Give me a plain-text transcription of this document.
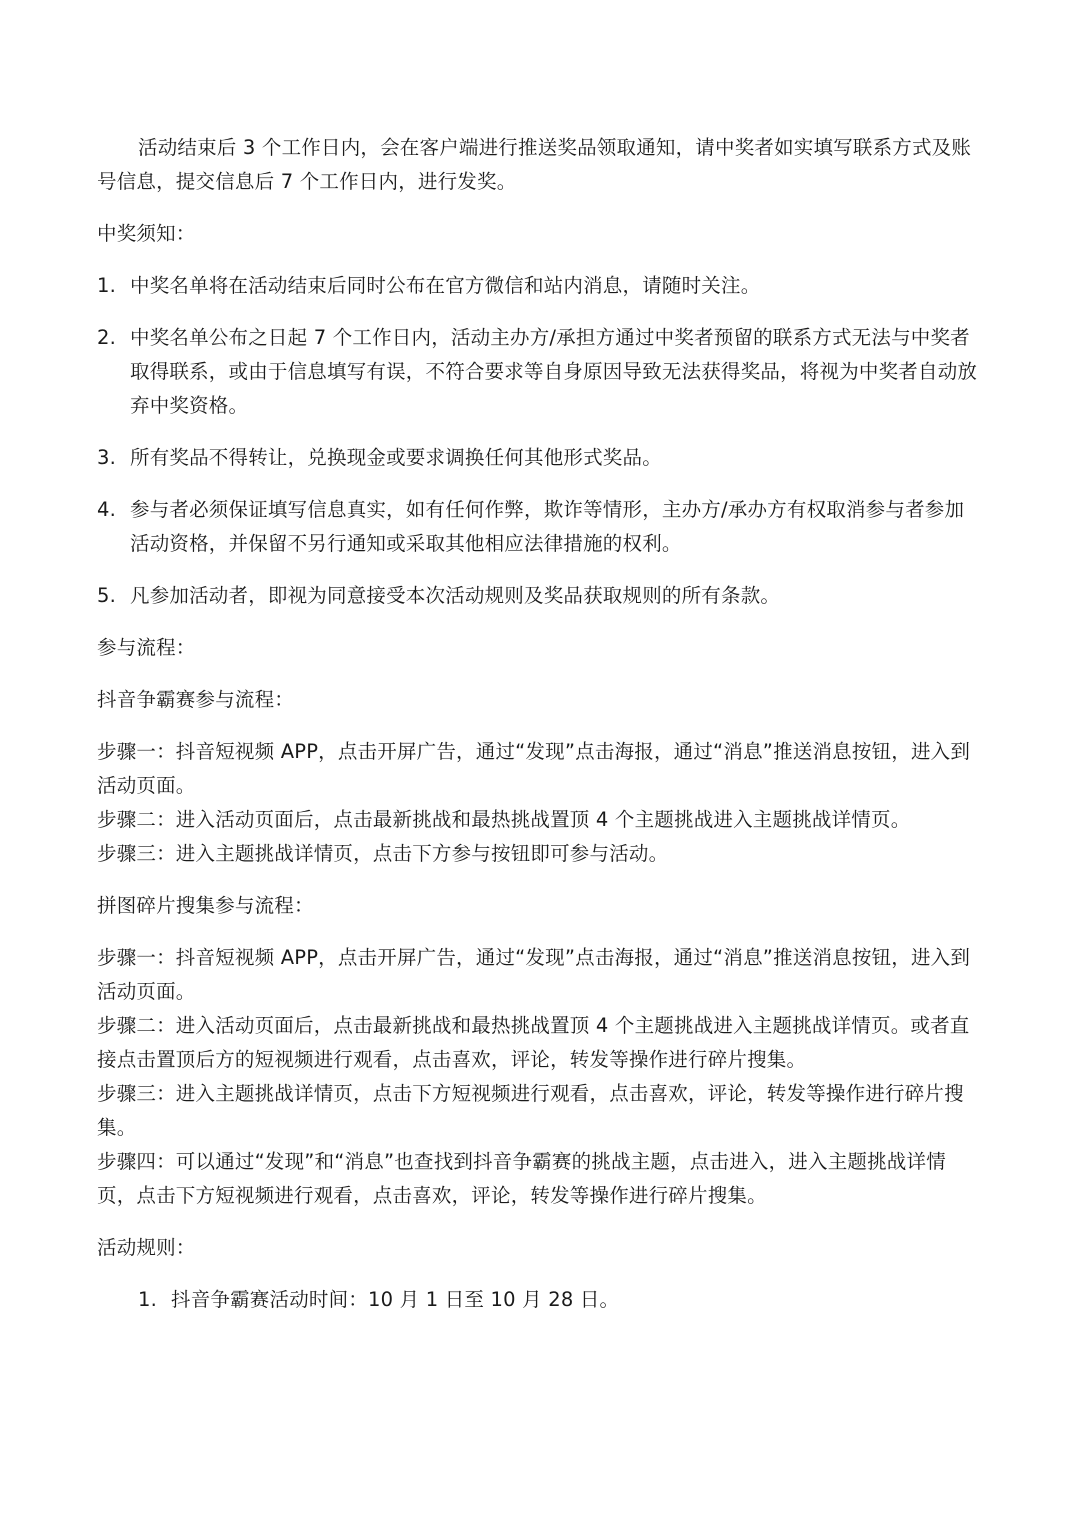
活动结束后 3 个工作日内，会在客户端进行推送奖品领取通知，请中奖者如实填写联系方式及账号信息，提交信息后 7 个工作日内，进行发奖。

中奖须知：

1. 中奖名单将在活动结束后同时公布在官方微信和站内消息，请随时关注。
2. 中奖名单公布之日起 7 个工作日内，活动主办方/承担方通过中奖者预留的联系方式无法与中奖者取得联系，或由于信息填写有误，不符合要求等自身原因导致无法获得奖品，将视为中奖者自动放弃中奖资格。
3. 所有奖品不得转让，兑换现金或要求调换任何其他形式奖品。
4. 参与者必须保证填写信息真实，如有任何作弊，欺诈等情形，主办方/承办方有权取消参与者参加活动资格，并保留不另行通知或采取其他相应法律措施的权利。
5. 凡参加活动者，即视为同意接受本次活动规则及奖品获取规则的所有条款。

参与流程：

抖音争霸赛参与流程：

步骤一：抖音短视频 APP，点击开屏广告，通过“发现”点击海报，通过“消息”推送消息按钮，进入到活动页面。

步骤二：进入活动页面后，点击最新挑战和最热挑战置顶 4 个主题挑战进入主题挑战详情页。

步骤三：进入主题挑战详情页，点击下方参与按钮即可参与活动。

拼图碎片搜集参与流程：

步骤一：抖音短视频 APP，点击开屏广告，通过“发现”点击海报，通过“消息”推送消息按钮，进入到活动页面。

步骤二：进入活动页面后，点击最新挑战和最热挑战置顶 4 个主题挑战进入主题挑战详情页。或者直接点击置顶后方的短视频进行观看，点击喜欢，评论，转发等操作进行碎片搜集。

步骤三：进入主题挑战详情页，点击下方短视频进行观看，点击喜欢，评论，转发等操作进行碎片搜集。

步骤四：可以通过“发现”和“消息”也查找到抖音争霸赛的挑战主题，点击进入，进入主题挑战详情页，点击下方短视频进行观看，点击喜欢，评论，转发等操作进行碎片搜集。

活动规则：

1. 抖音争霸赛活动时间：10 月 1 日至 10 月 28 日。
